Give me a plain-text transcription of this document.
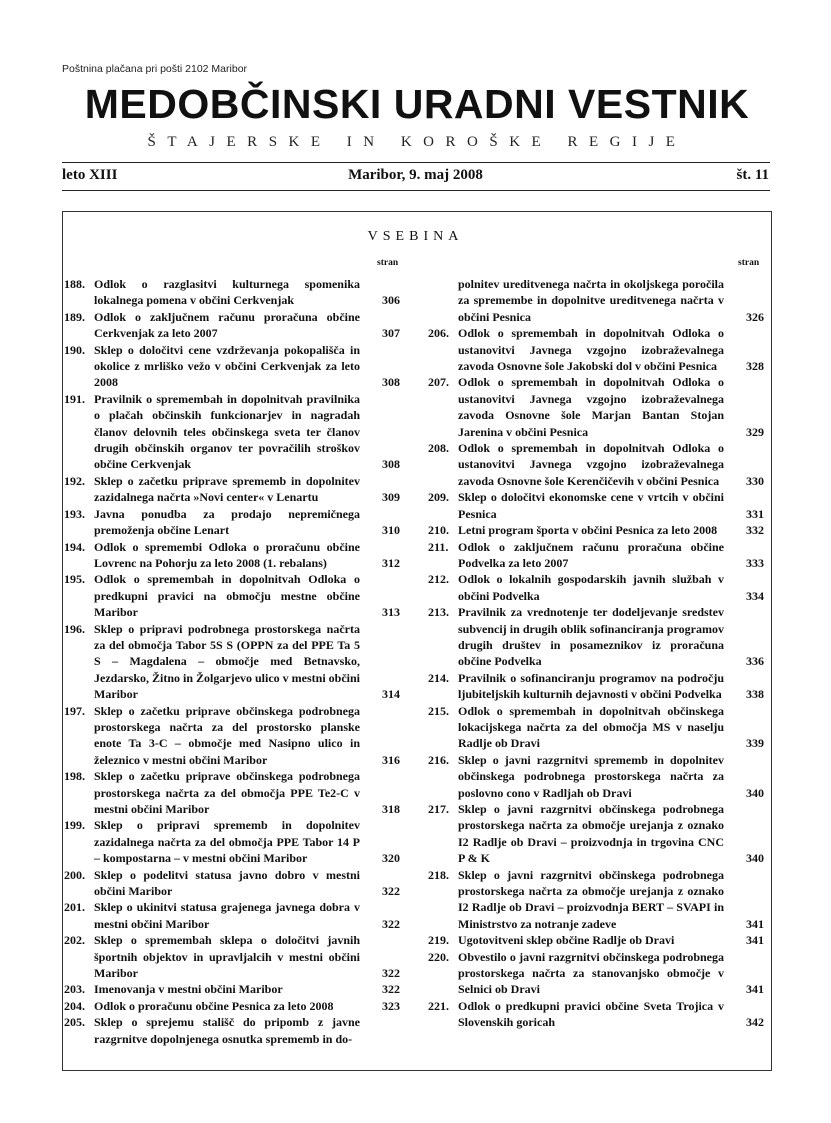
Poštnina plačana pri pošti 2102 Maribor
MEDOBČINSKI URADNI VESTNIK
ŠTAJERSKE IN KOROŠKE REGIJE
leto XIII	Maribor, 9. maj 2008	št. 11
VSEBINA
stran	stran
188. Odlok o razglasitvi kulturnega spomenika lokalnega pomena v občini Cerkvenjak	306
189. Odlok o zaključnem računu proračuna občine Cerkvenjak za leto 2007	307
190. Sklep o določitvi cene vzdrževanja pokopališča in okolice z mrliško vežo v občini Cerkvenjak za leto 2008	308
191. Pravilnik o spremembah in dopolnitvah pravilnika o plačah občinskih funkcionarjev in nagradah članov delovnih teles občinskega sveta ter članov drugih občinskih organov ter povračilih stroškov občine Cerkvenjak	308
192. Sklep o začetku priprave sprememb in dopolnitev zazidalnega načrta »Novi center« v Lenartu	309
193. Javna ponudba za prodajo nepremičnega premoženja občine Lenart	310
194. Odlok o spremembi Odloka o proračunu občine Lovrenc na Pohorju za leto 2008 (1. rebalans)	312
195. Odlok o spremembah in dopolnitvah Odloka o predkupni pravici na območju mestne občine Maribor	313
196. Sklep o pripravi podrobnega prostorskega načrta za del območja Tabor 5S S (OPPN za del PPE Ta 5 S – Magdalena – območje med Betnavsko, Jezdarsko, Žitno in Žolgarjevo ulico v mestni občini Maribor	314
197. Sklep o začetku priprave občinskega podrobnega prostorskega načrta za del prostorsko planske enote Ta 3-C – območje med Nasipno ulico in železnico v mestni občini Maribor	316
198. Sklep o začetku priprave občinskega podrobnega prostorskega načrta za del območja PPE Te2-C v mestni občini Maribor	318
199. Sklep o pripravi sprememb in dopolnitev zazidalnega načrta za del območja PPE Tabor 14 P – kompostarna – v mestni občini Maribor	320
200. Sklep o podelitvi statusa javno dobro v mestni občini Maribor	322
201. Sklep o ukinitvi statusa grajenega javnega dobra v mestni občini Maribor	322
202. Sklep o spremembah sklepa o določitvi javnih športnih objektov in upravljalcih v mestni občini Maribor	322
203. Imenovanja v mestni občini Maribor	322
204. Odlok o proračunu občine Pesnica za leto 2008	323
205. Sklep o sprejemu stališč do pripomb z javne razgrnitve dopolnjenega osnutka sprememb in do-
polnitev ureditvenega načrta in okoljskega poročila za spremembe in dopolnitve ureditvenega načrta v občini Pesnica	326
206. Odlok o spremembah in dopolnitvah Odloka o ustanovitvi Javnega vzgojno izobraževalnega zavoda Osnovne šole Jakobski dol v občini Pesnica	328
207. Odlok o spremembah in dopolnitvah Odloka o ustanovitvi Javnega vzgojno izobraževalnega zavoda Osnovne šole Marjan Bantan Stojan Jarenina v občini Pesnica	329
208. Odlok o spremembah in dopolnitvah Odloka o ustanovitvi Javnega vzgojno izobraževalnega zavoda Osnovne šole Kerenčičevih v občini Pesnica	330
209. Sklep o določitvi ekonomske cene v vrtcih v občini Pesnica	331
210. Letni program športa v občini Pesnica za leto 2008	332
211. Odlok o zaključnem računu proračuna občine Podvelka za leto 2007	333
212. Odlok o lokalnih gospodarskih javnih službah v občini Podvelka	334
213. Pravilnik za vrednotenje ter dodeljevanje sredstev subvencij in drugih oblik sofinanciranja programov drugih društev in posameznikov iz proračuna občine Podvelka	336
214. Pravilnik o sofinanciranju programov na področju ljubiteljskih kulturnih dejavnosti v občini Podvelka	338
215. Odlok o spremembah in dopolnitvah občinskega lokacijskega načrta za del območja MS v naselju Radlje ob Dravi	339
216. Sklep o javni razgrnitvi sprememb in dopolnitev občinskega podrobnega prostorskega načrta za poslovno cono v Radljah ob Dravi	340
217. Sklep o javni razgrnitvi občinskega podrobnega prostorskega načrta za območje urejanja z oznako I2 Radlje ob Dravi – proizvodnja in trgovina CNC P & K	340
218. Sklep o javni razgrnitvi občinskega podrobnega prostorskega načrta za območje urejanja z oznako I2 Radlje ob Dravi – proizvodnja BERT – SVAPI in Ministrstvo za notranje zadeve	341
219. Ugotovitveni sklep občine Radlje ob Dravi	341
220. Obvestilo o javni razgrnitvi občinskega podrobnega prostorskega načrta za stanovanjsko območje v Selnici ob Dravi	341
221. Odlok o predkupni pravici občine Sveta Trojica v Slovenskih goricah	342
